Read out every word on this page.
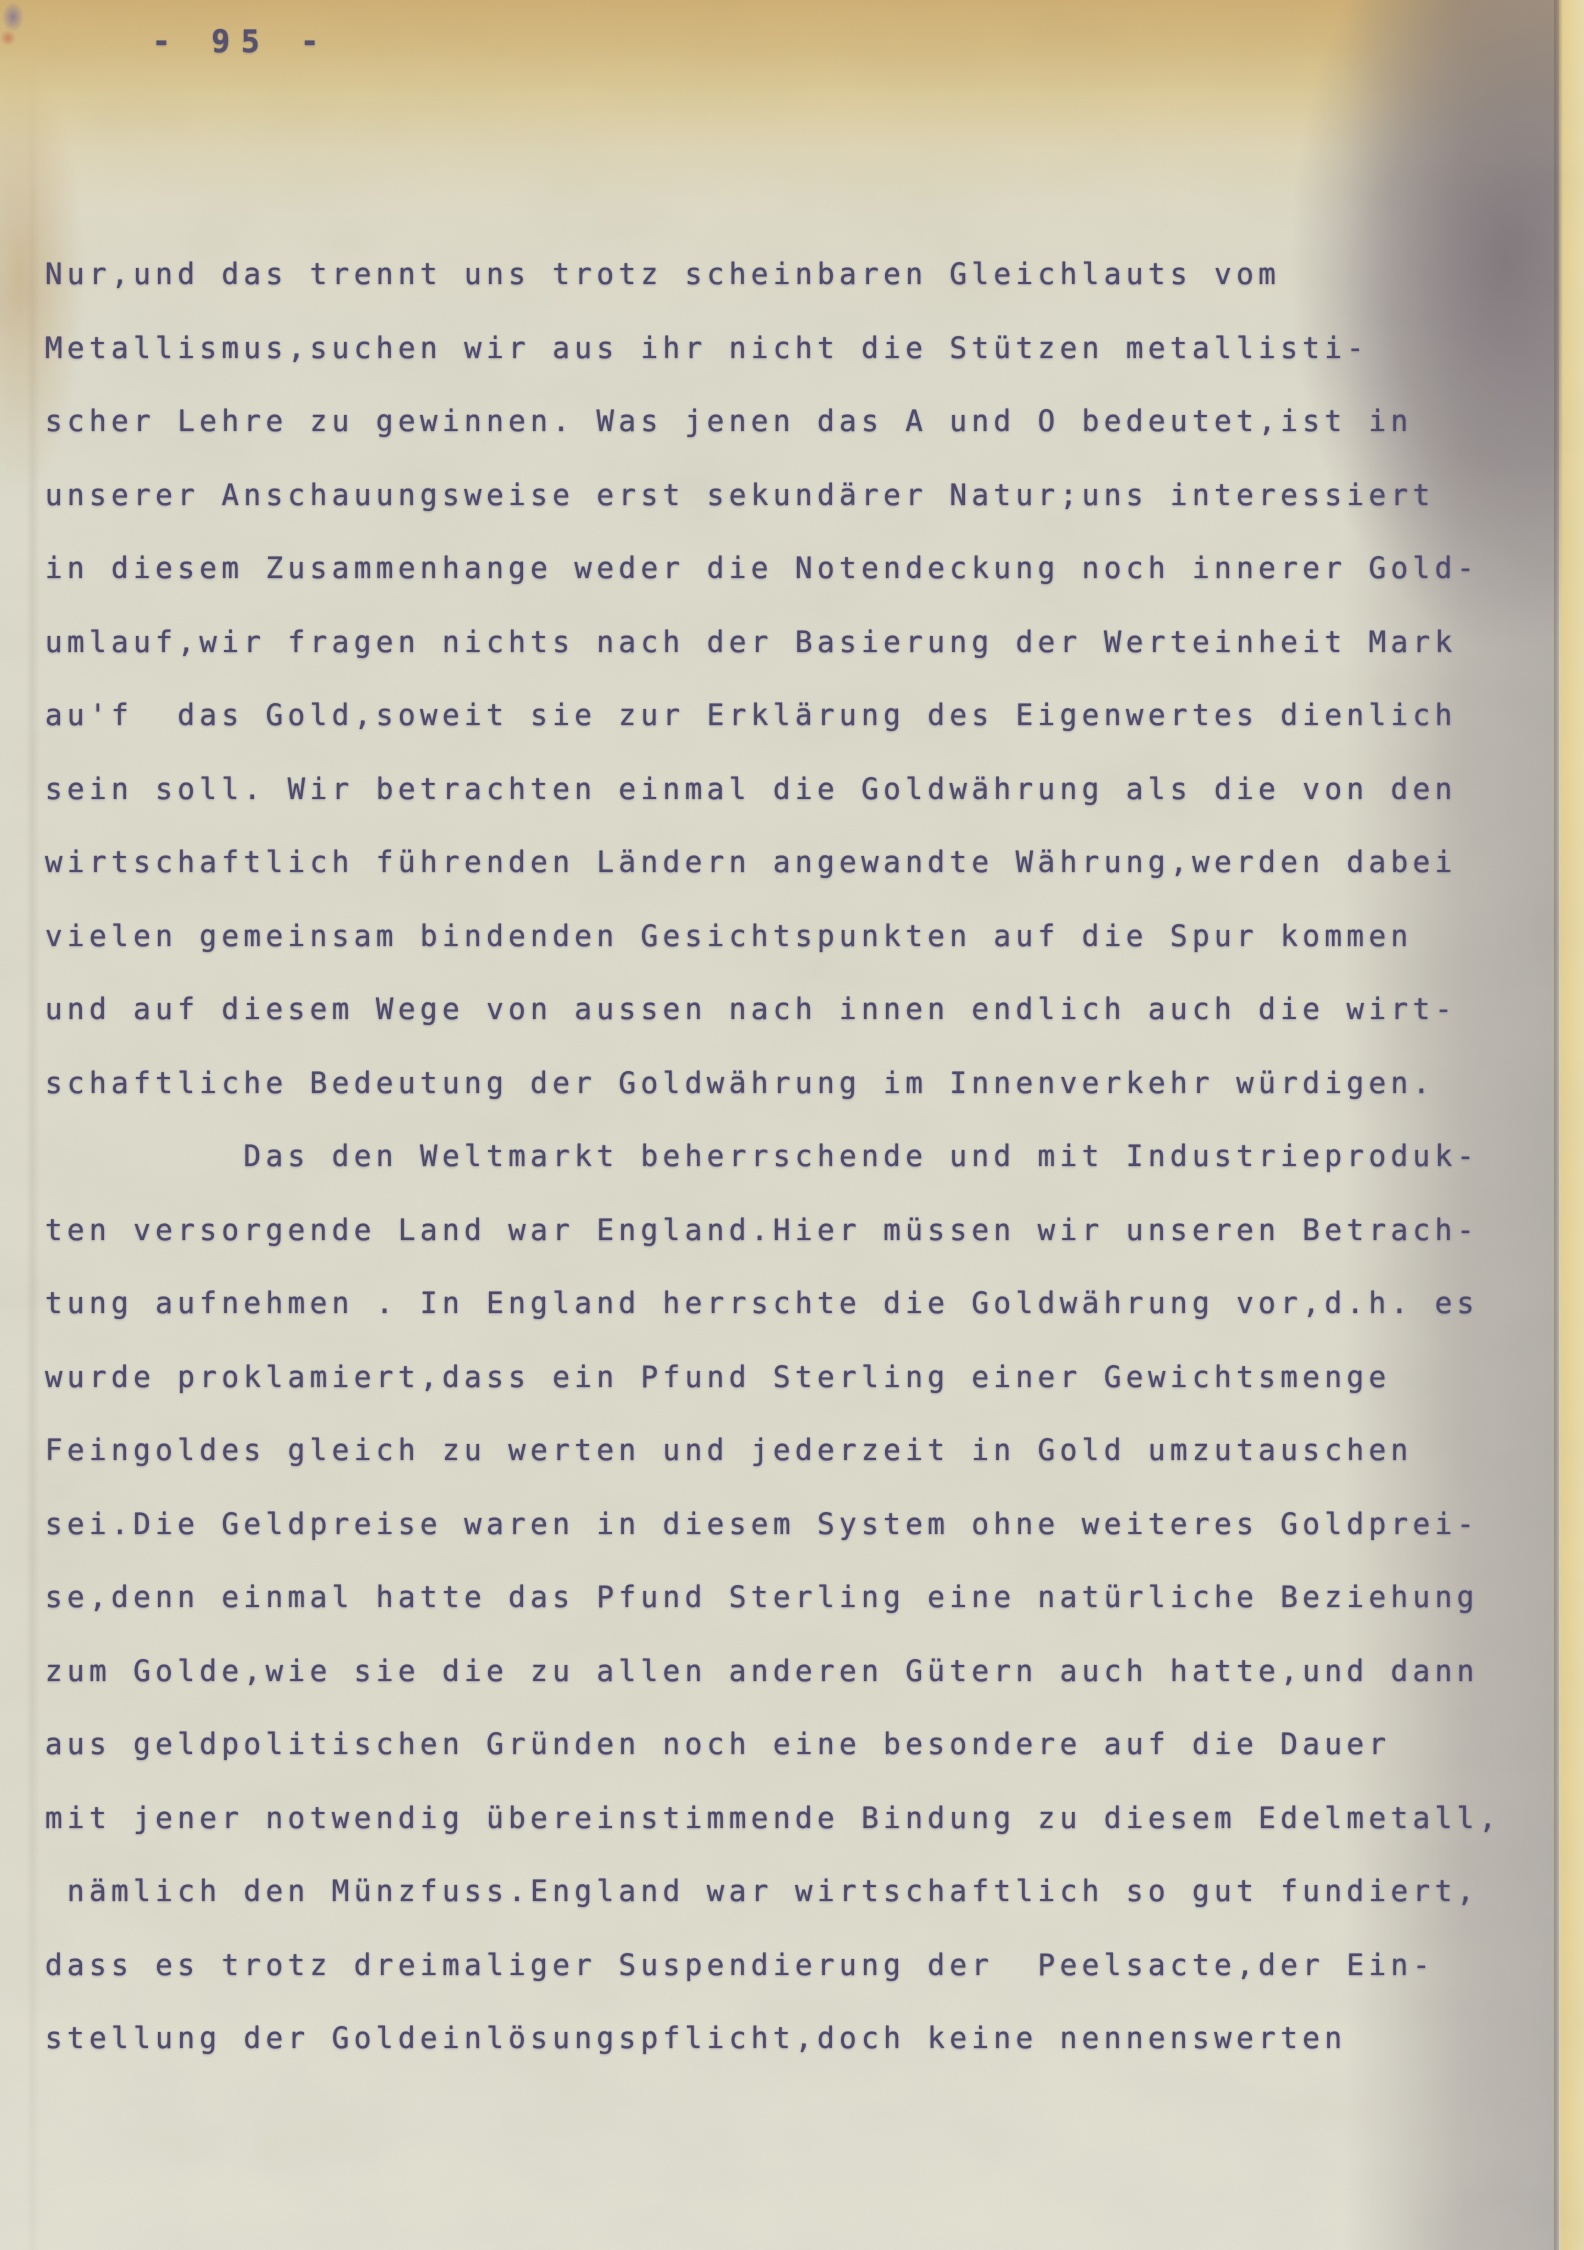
- 95 -
Nur,und das trennt uns trotz scheinbaren Gleichlauts vom
Metallismus,suchen wir aus ihr nicht die Stützen metallisti-
scher Lehre zu gewinnen. Was jenen das A und O bedeutet,ist in
unserer Anschauungsweise erst sekundärer Natur;uns interessiert
in diesem Zusammenhange weder die Notendeckung noch innerer Gold-
umlauf,wir fragen nichts nach der Basierung der Werteinheit Mark
au'f  das Gold,soweit sie zur Erklärung des Eigenwertes dienlich
sein soll. Wir betrachten einmal die Goldwährung als die von den
wirtschaftlich führenden Ländern angewandte Währung,werden dabei
vielen gemeinsam bindenden Gesichtspunkten auf die Spur kommen
und auf diesem Wege von aussen nach innen endlich auch die wirt-
schaftliche Bedeutung der Goldwährung im Innenverkehr würdigen.
Das den Weltmarkt beherrschende und mit Industrieproduk-
ten versorgende Land war England.Hier müssen wir unseren Betrach-
tung aufnehmen . In England herrschte die Goldwährung vor,d.h. es
wurde proklamiert,dass ein Pfund Sterling einer Gewichtsmenge
Feingoldes gleich zu werten und jederzeit in Gold umzutauschen
sei.Die Geldpreise waren in diesem System ohne weiteres Goldprei-
se,denn einmal hatte das Pfund Sterling eine natürliche Beziehung
zum Golde,wie sie die zu allen anderen Gütern auch hatte,und dann
aus geldpolitischen Gründen noch eine besondere auf die Dauer
mit jener notwendig übereinstimmende Bindung zu diesem Edelmetall,
nämlich den Münzfuss.England war wirtschaftlich so gut fundiert,
dass es trotz dreimaliger Suspendierung der  Peelsacte,der Ein-
stellung der Goldeinlösungspflicht,doch keine nennenswerten
